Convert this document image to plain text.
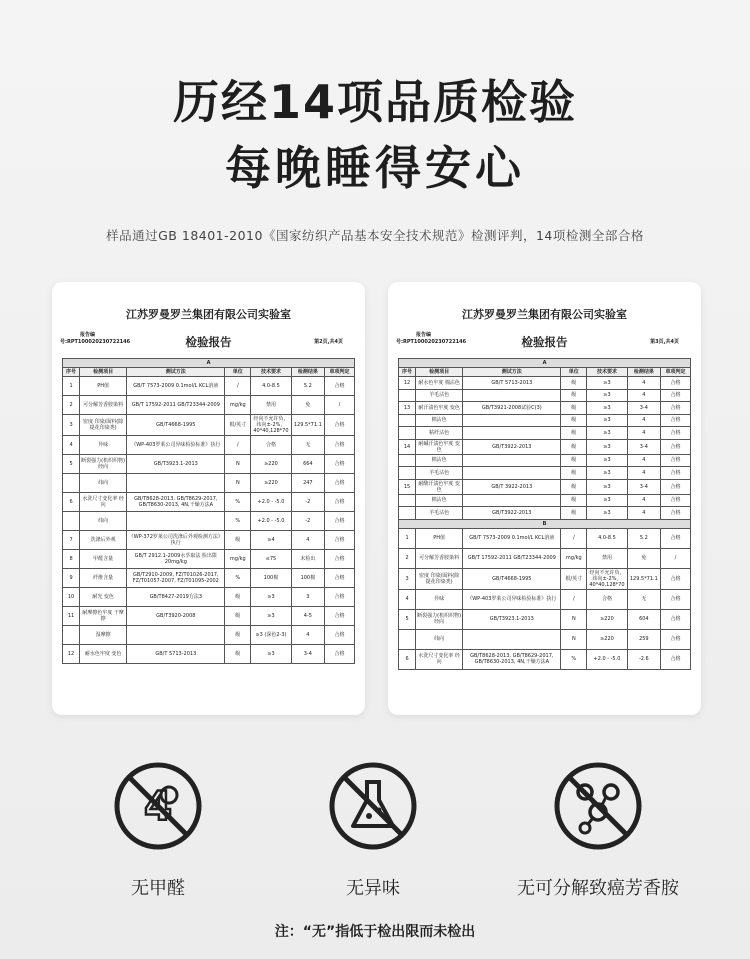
历经14项品质检验
每晚睡得安心
样品通过GB 18401-2010《国家纺织产品基本安全技术规范》检测评判，14项检测全部合格
江苏罗曼罗兰集团有限公司实验室
报告编
号:RPT100020230722146	检验报告	第2页,共4页
A						
序号	检测项目	测试方法	单位	技术要求	检测结果	单项判定
1	PH值	GB/T 7573-2009 0.1mol/L KCL溶液	/	4.0-8.5	5.2	合格
2	可分解芳香胺染料	GB/T 17592-2011 GB/T23344-2009	mg/kg	禁用	免	/
3	密度 印染/面料(除提花印染类)	GB/T4668-1995	根/英寸	经向不允许负，纬向±-2%，40*40,128*70	129.5*71.1	合格
4	异味	《WP-403罗莱公司异味检验标准》执行	/	合格	无	合格
5	断裂强力(机织织物) 经向	GB/T3923.1-2013	N	≥220	664	合格
	纬向		N	≥220	247	合格
6	水洗尺寸变化率 经向	GB/T8628-2013, GB/T8629-2017, GB/T8630-2013, 4N,干燥方法A	%	+2.0 - -5.0	-2	合格
	纬向		%	+2.0 - -5.0	-2	合格
7	洗涤后外观	《WP-372罗莱公司洗涤后外观检测方法》执行	级	≥4	4	合格
8	甲醛含量	GB/T 2912.1-2009水萃取法 检出限20mg/kg	mg/kg	≤75	未检出	合格
9	纤维含量	GB/T2910-2009, FZ/T01026-2017, FZ/T01057-2007, FZ/T01095-2002	%	100棉	100棉	合格
10	耐光 变色	GB/T8427-2019方法3	级	≥3	3	合格
11	耐摩擦色牢度 干摩擦	GB/T3920-2008	级	≥3	4-5	合格
	湿摩擦		级	≥3 (深色2-3)	4	合格
12	耐水色牢度 变色	GB/T 5713-2013	级	≥3	3-4	合格
江苏罗曼罗兰集团有限公司实验室
报告编
号:RPT100020230722146	检验报告	第3页,共4页
A						
序号	检测项目	测试方法	单位	技术要求	检测结果	单项判定
12	耐水色牢度 棉沾色	GB/T 5713-2013	级	≥3	4	合格
	羊毛沾色		级	≥3	4	合格
13	耐汗渍色牢度 变色	GB/T3921-2008试验C(3)	级	≥3	3-4	合格
	棉沾色		级	≥3	4	合格
	粘纤沾色		级	≥3	4	合格
14	耐碱汗渍色牢度 变色	GB/T3922-2013	级	≥3	3-4	合格
	棉沾色		级	≥3	4	合格
	羊毛沾色		级	≥3	4	合格
15	耐酸汗渍色牢度 变色	GB/T 3922-2013	级	≥3	3-4	合格
	棉沾色		级	≥3	4	合格
	羊毛沾色	GB/T3922-2013	级	≥3	4	合格
B						
1	PH值	GB/T 7573-2009 0.1mol/L KCL溶液	/	4.0-8.5	5.2	合格
2	可分解芳香胺染料	GB/T 17592-2011 GB/T23344-2009	mg/kg	禁用	免	/
3	密度 印染/面料(除提花印染类)	GB/T4668-1995	根/英寸	经向不允许负，纬向±-2%，40*40,128*70	129.5*71.1	合格
4	异味	《WP-403罗莱公司异味检验标准》执行	/	合格	无	合格
5	断裂强力(机织织物) 经向	GB/T3923.1-2013	N	≥220	604	合格
	纬向		N	≥220	259	合格
6	水洗尺寸变化率 经向	GB/T8628-2013, GB/T8629-2017, GB/T8630-2013, 4N,干燥方法A	%	+2.0 - -5.0	-2.6	合格
4
无甲醛	无异味	无可分解致癌芳香胺
注：“无”指低于检出限而未检出
